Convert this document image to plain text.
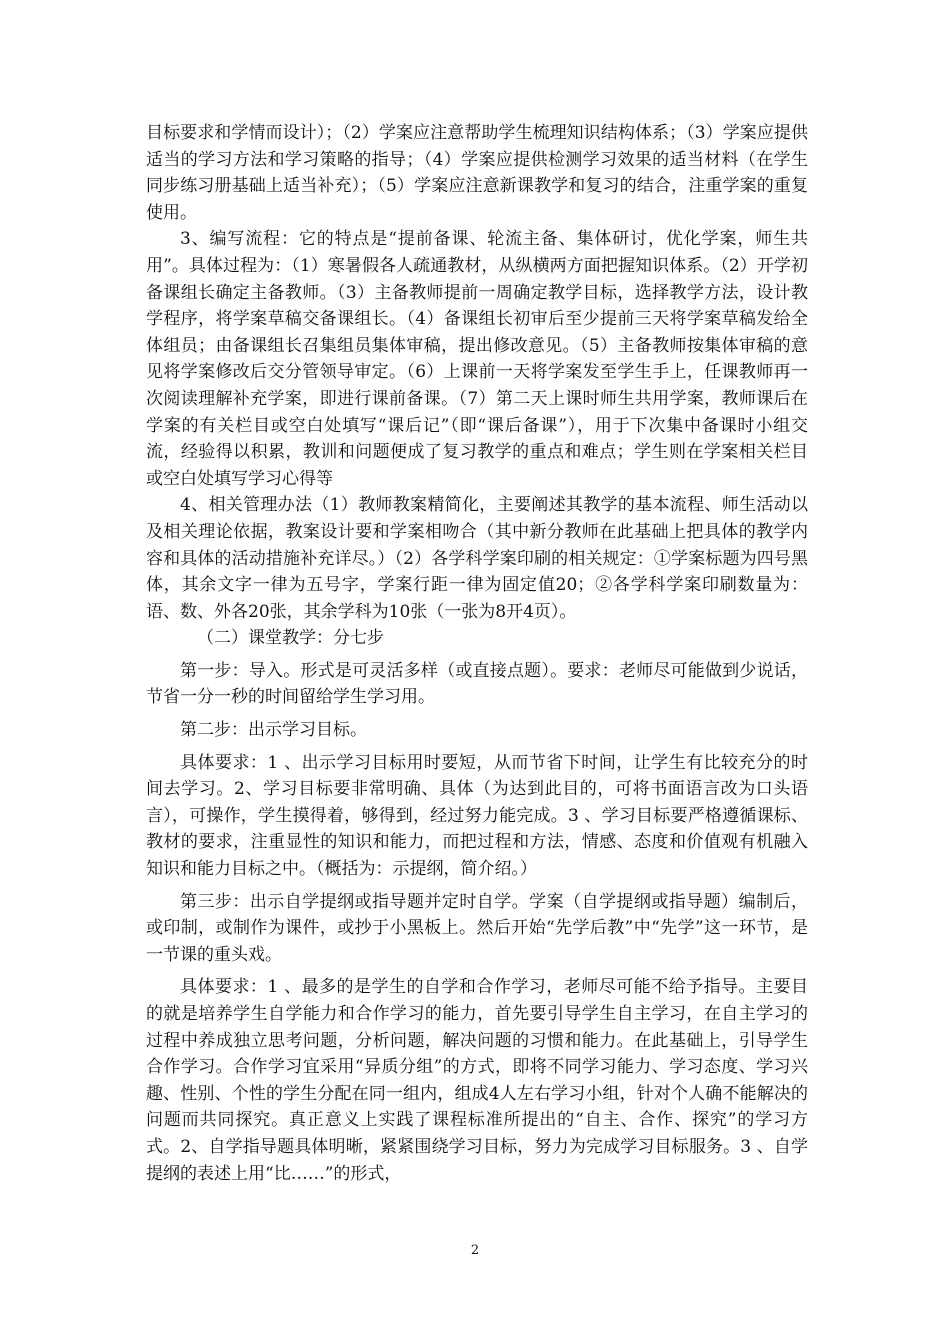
目标要求和学情而设计）；（2）学案应注意帮助学生梳理知识结构体系；（3）学案应提供适当的学习方法和学习策略的指导；（4）学案应提供检测学习效果的适当材料（在学生同步练习册基础上适当补充）；（5）学案应注意新课教学和复习的结合，注重学案的重复使用。

3、编写流程：它的特点是“提前备课、轮流主备、集体研讨，优化学案，师生共用”。具体过程为：（1）寒暑假各人疏通教材，从纵横两方面把握知识体系。（2）开学初备课组长确定主备教师。（3）主备教师提前一周确定教学目标，选择教学方法，设计教学程序，将学案草稿交备课组长。（4）备课组长初审后至少提前三天将学案草稿发给全体组员；由备课组长召集组员集体审稿，提出修改意见。（5）主备教师按集体审稿的意见将学案修改后交分管领导审定。（6）上课前一天将学案发至学生手上，任课教师再一次阅读理解补充学案，即进行课前备课。（7）第二天上课时师生共用学案，教师课后在学案的有关栏目或空白处填写“课后记”（即“课后备课”），用于下次集中备课时小组交流，经验得以积累，教训和问题便成了复习教学的重点和难点；学生则在学案相关栏目或空白处填写学习心得等

4、相关管理办法（1）教师教案精简化，主要阐述其教学的基本流程、师生活动以及相关理论依据，教案设计要和学案相吻合（其中新分教师在此基础上把具体的教学内容和具体的活动措施补充详尽。）（2）各学科学案印刷的相关规定：①学案标题为四号黑体，其余文字一律为五号字，学案行距一律为固定值20；②各学科学案印刷数量为：语、数、外各20张，其余学科为10张（一张为8开4页）。

（二）课堂教学：分七步

第一步：导入。形式是可灵活多样（或直接点题）。要求：老师尽可能做到少说话，节省一分一秒的时间留给学生学习用。

第二步：出示学习目标。

具体要求：1 、出示学习目标用时要短，从而节省下时间，让学生有比较充分的时间去学习。2、学习目标要非常明确、具体（为达到此目的，可将书面语言改为口头语言），可操作，学生摸得着，够得到，经过努力能完成。3 、学习目标要严格遵循课标、教材的要求，注重显性的知识和能力，而把过程和方法，情感、态度和价值观有机融入知识和能力目标之中。（概括为：示提纲，简介绍。）

第三步：出示自学提纲或指导题并定时自学。学案（自学提纲或指导题）编制后，或印制，或制作为课件，或抄于小黑板上。然后开始“先学后教”中“先学”这一环节，是一节课的重头戏。

具体要求：1 、最多的是学生的自学和合作学习，老师尽可能不给予指导。主要目的就是培养学生自学能力和合作学习的能力，首先要引导学生自主学习，在自主学习的过程中养成独立思考问题，分析问题，解决问题的习惯和能力。在此基础上，引导学生合作学习。合作学习宜采用“异质分组”的方式，即将不同学习能力、学习态度、学习兴趣、性别、个性的学生分配在同一组内，组成4人左右学习小组，针对个人确不能解决的问题而共同探究。真正意义上实践了课程标准所提出的“自主、合作、探究”的学习方式。2、自学指导题具体明晰，紧紧围绕学习目标，努力为完成学习目标服务。3 、自学提纲的表述上用“比……”的形式，

2
